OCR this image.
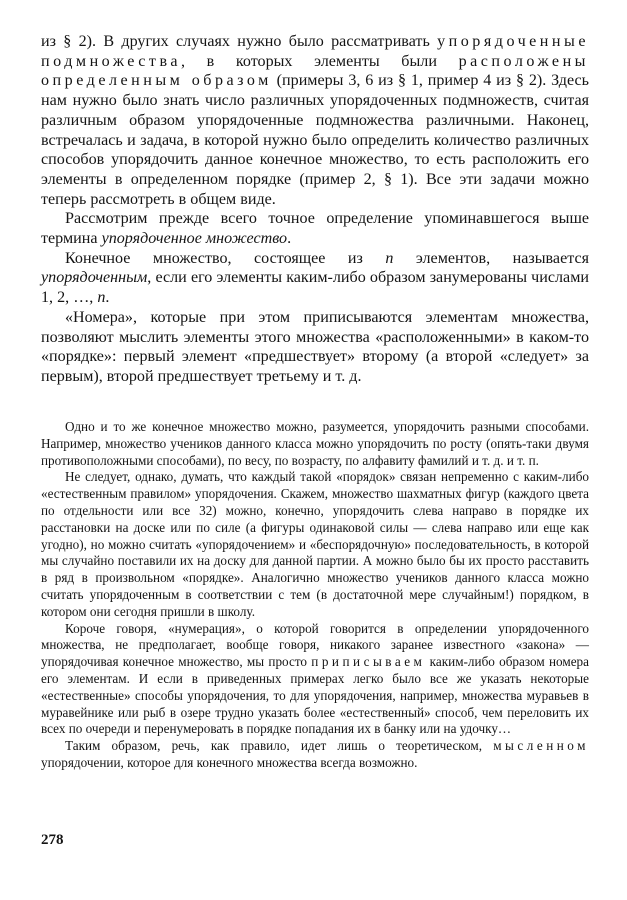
из § 2). В других случаях нужно было рассматривать упорядоченные подмножества, в которых элементы были расположены определенным образом (примеры 3, 6 из § 1, пример 4 из § 2). Здесь нам нужно было знать число различных упорядоченных подмножеств, считая различным образом упорядоченные подмножества различными. Наконец, встречалась и задача, в которой нужно было определить количество различных способов упорядочить данное конечное множество, то есть расположить его элементы в определенном порядке (пример 2, § 1). Все эти задачи можно теперь рассмотреть в общем виде.

Рассмотрим прежде всего точное определение упоминавшегося выше термина упорядоченное множество.

Конечное множество, состоящее из n элементов, называется упорядоченным, если его элементы каким-либо образом занумерованы числами 1, 2, …, n.

«Номера», которые при этом приписываются элементам множества, позволяют мыслить элементы этого множества «расположенными» в каком-то «порядке»: первый элемент «предшествует» второму (а второй «следует» за первым), второй предшествует третьему и т. д.

Одно и то же конечное множество можно, разумеется, упорядочить разными способами. Например, множество учеников данного класса можно упорядочить по росту (опять-таки двумя противоположными способами), по весу, по возрасту, по алфавиту фамилий и т. д. и т. п.

Не следует, однако, думать, что каждый такой «порядок» связан непременно с каким-либо «естественным правилом» упорядочения. Скажем, множество шахматных фигур (каждого цвета по отдельности или все 32) можно, конечно, упорядочить слева направо в порядке их расстановки на доске или по силе (а фигуры одинаковой силы — слева направо или еще как угодно), но можно считать «упорядочением» и «беспорядочную» последовательность, в которой мы случайно поставили их на доску для данной партии. А можно было бы их просто расставить в ряд в произвольном «порядке». Аналогично множество учеников данного класса можно считать упорядоченным в соответствии с тем (в достаточной мере случайным!) порядком, в котором они сегодня пришли в школу.

Короче говоря, «нумерация», о которой говорится в определении упорядоченного множества, не предполагает, вообще говоря, никакого заранее известного «закона» — упорядочивая конечное множество, мы просто приписываем каким-либо образом номера его элементам. И если в приведенных примерах легко было все же указать некоторые «естественные» способы упорядочения, то для упорядочения, например, множества муравьев в муравейнике или рыб в озере трудно указать более «естественный» способ, чем переловить их всех по очереди и перенумеровать в порядке попадания их в банку или на удочку…

Таким образом, речь, как правило, идет лишь о теоретическом, мысленном упорядочении, которое для конечного множества всегда возможно.

278
